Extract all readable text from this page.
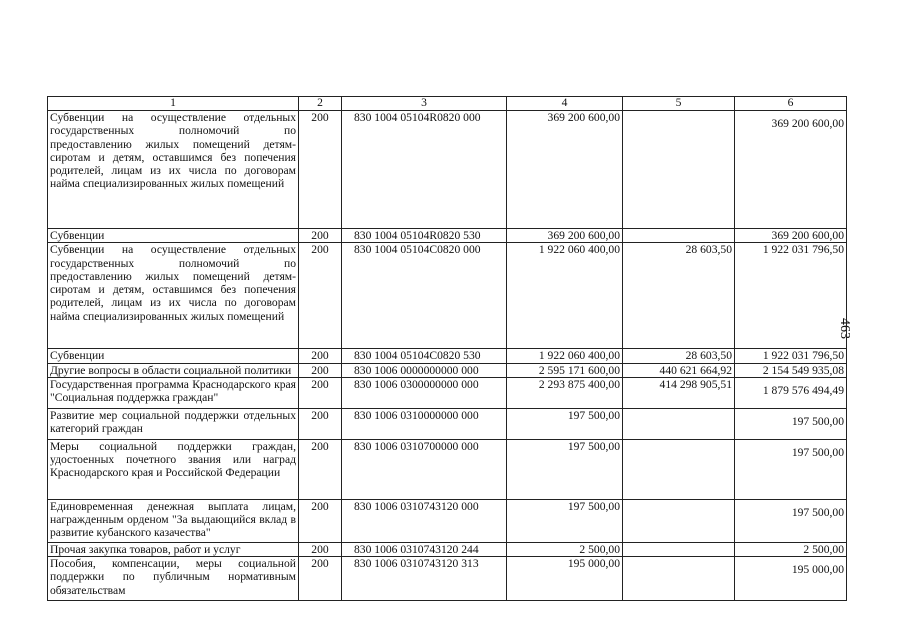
463
1	2	3	4	5	6
Субвенции на осуществление отдельных государственных полномочий по предоставлению жилых помещений детям-сиротам и детям, оставшимся без попечения родителей, лицам из их числа по договорам найма специализированных жилых помещений	200	830 1004 05104R0820 000	369 200 600,00		369 200 600,00
Субвенции	200	830 1004 05104R0820 530	369 200 600,00		369 200 600,00
Субвенции на осуществление отдельных государственных полномочий по предоставлению жилых помещений детям-сиротам и детям, оставшимся без попечения родителей, лицам из их числа по договорам найма специализированных жилых помещений	200	830 1004 05104C0820 000	1 922 060 400,00	28 603,50	1 922 031 796,50
Субвенции	200	830 1004 05104C0820 530	1 922 060 400,00	28 603,50	1 922 031 796,50
Другие вопросы в области социальной политики	200	830 1006 0000000000 000	2 595 171 600,00	440 621 664,92	2 154 549 935,08
Государственная программа Краснодарского края "Социальная поддержка граждан"	200	830 1006 0300000000 000	2 293 875 400,00	414 298 905,51	1 879 576 494,49
Развитие мер социальной поддержки отдельных категорий граждан	200	830 1006 0310000000 000	197 500,00		197 500,00
Меры социальной поддержки граждан, удостоенных почетного звания или наград Краснодарского края и Российской Федерации	200	830 1006 0310700000 000	197 500,00		197 500,00
Единовременная денежная выплата лицам, награжденным орденом "За выдающийся вклад в развитие кубанского казачества"	200	830 1006 0310743120 000	197 500,00		197 500,00
Прочая закупка товаров, работ и услуг	200	830 1006 0310743120 244	2 500,00		2 500,00
Пособия, компенсации, меры социальной поддержки по публичным нормативным обязательствам	200	830 1006 0310743120 313	195 000,00		195 000,00
